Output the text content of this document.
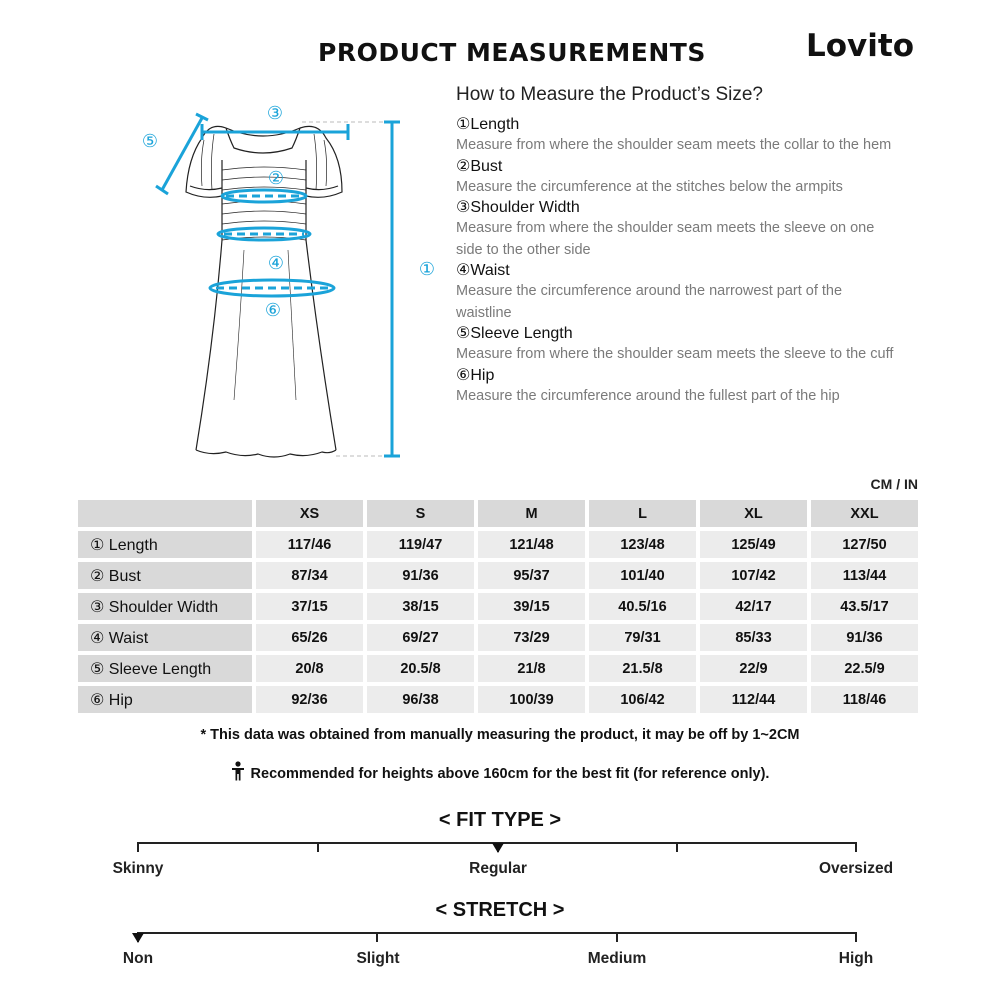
PRODUCT MEASUREMENTS	Lovito
③
⑤
②
④
⑥
①
How to Measure the Product’s Size?
①Length
Measure from where the shoulder seam meets the collar to the hem
②Bust
Measure the circumference at the stitches below the armpits
③Shoulder Width
Measure from where the shoulder seam meets the sleeve on one side to the other side
④Waist
Measure the circumference around the narrowest part of the waistline
⑤Sleeve Length
Measure from where the shoulder seam meets the sleeve to the cuff
⑥Hip
Measure the circumference around the fullest part of the hip
CM / IN
	XS	S	M	L	XL	XXL
① Length	117/46	119/47	121/48	123/48	125/49	127/50
② Bust	87/34	91/36	95/37	101/40	107/42	113/44
③ Shoulder Width	37/15	38/15	39/15	40.5/16	42/17	43.5/17
④ Waist	65/26	69/27	73/29	79/31	85/33	91/36
⑤ Sleeve Length	20/8	20.5/8	21/8	21.5/8	22/9	22.5/9
⑥ Hip	92/36	96/38	100/39	106/42	112/44	118/46
* This data was obtained from manually measuring the product, it may be off by 1~2CM
Recommended for heights above 160cm for the best fit (for reference only).
< FIT TYPE >
Skinny	Regular	Oversized
< STRETCH >
Non	Slight	Medium	High
